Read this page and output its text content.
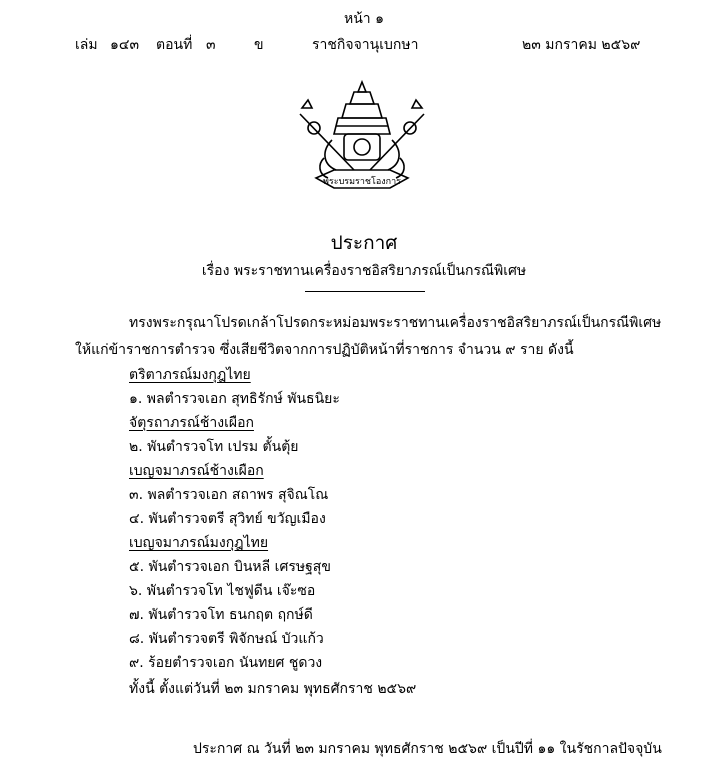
หน้า ๑
เล่ม ๑๔๓ ตอนที่ ๓	ข	ราชกิจจานุเบกษา	๒๓ มกราคม ๒๕๖๙
พระบรมราชโองการ
ประกาศ
เรื่อง พระราชทานเครื่องราชอิสริยาภรณ์เป็นกรณีพิเศษ
ทรงพระกรุณาโปรดเกล้าโปรดกระหม่อมพระราชทานเครื่องราชอิสริยาภรณ์เป็นกรณีพิเศษ
ให้แก่ข้าราชการตำรวจ ซึ่งเสียชีวิตจากการปฏิบัติหน้าที่ราชการ จำนวน ๙ ราย ดังนี้
ตริตาภรณ์มงกุฎไทย
๑. พลตำรวจเอก สุทธิรักษ์ พันธนิยะ
จัตุรถาภรณ์ช้างเผือก
๒. พันตำรวจโท เปรม ตั้นตุ้ย
เบญจมาภรณ์ช้างเผือก
๓. พลตำรวจเอก สถาพร สุจิณโณ
๔. พันตำรวจตรี สุวิทย์ ขวัญเมือง
เบญจมาภรณ์มงกุฎไทย
๕. พันตำรวจเอก บินหลี เศรษฐสุข
๖. พันตำรวจโท ไชฟูดีน เจ๊ะซอ
๗. พันตำรวจโท ธนกฤต ฤกษ์ดี
๘. พันตำรวจตรี พิจักษณ์ บัวแก้ว
๙. ร้อยตำรวจเอก นันทยศ ชูดวง
ทั้งนี้ ตั้งแต่วันที่ ๒๓ มกราคม พุทธศักราช ๒๕๖๙
ประกาศ ณ วันที่ ๒๓ มกราคม พุทธศักราช ๒๕๖๙ เป็นปีที่ ๑๑ ในรัชกาลปัจจุบัน
